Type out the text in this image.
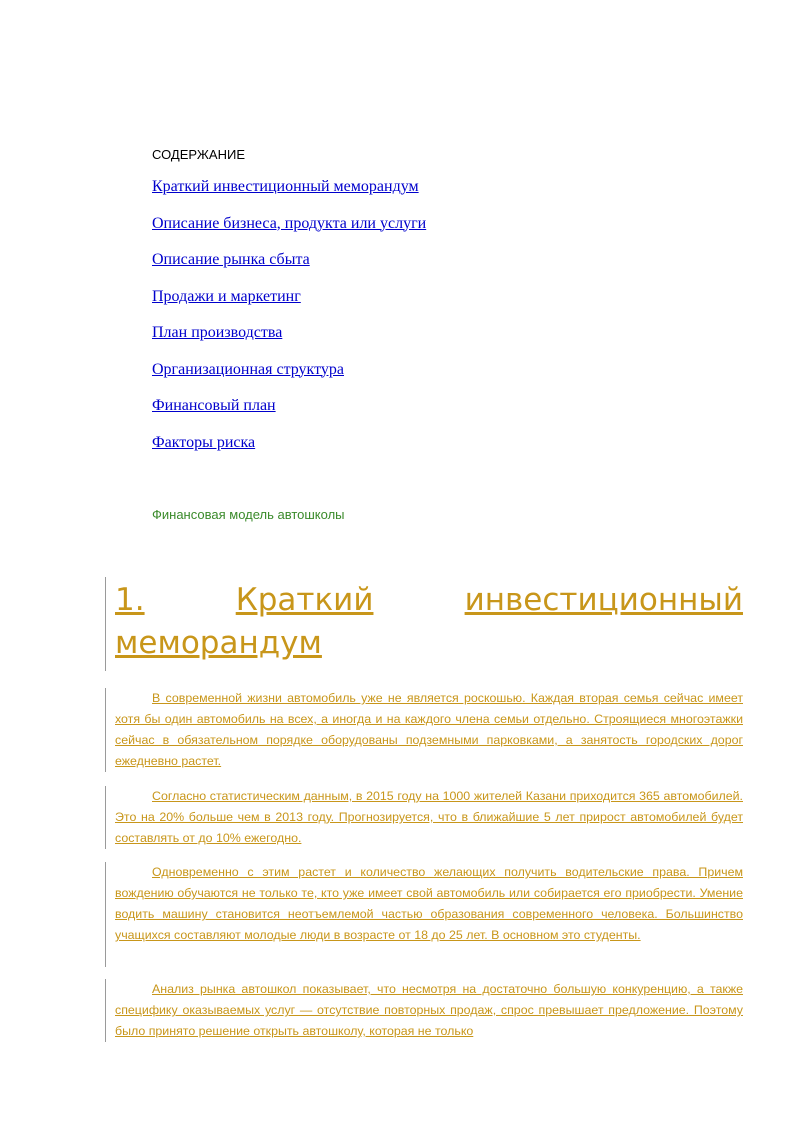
СОДЕРЖАНИЕ
Краткий инвестиционный меморандум
Описание бизнеса, продукта или услуги
Описание рынка сбыта
Продажи и маркетинг
План производства
Организационная структура
Финансовый план
Факторы риска
Финансовая модель автошколы
1.	Краткий	инвестиционный
меморандум
В современной жизни автомобиль уже не является роскошью. Каждая вторая семья сейчас имеет хотя бы один автомобиль на всех, а иногда и на каждого члена семьи отдельно. Строящиеся многоэтажки сейчас в обязательном порядке оборудованы подземными парковками, а занятость городских дорог ежедневно растет.
Согласно статистическим данным, в 2015 году на 1000 жителей Казани приходится 365 автомобилей. Это на 20% больше чем в 2013 году. Прогнозируется, что в ближайшие 5 лет прирост автомобилей будет составлять от до 10% ежегодно.
Одновременно с этим растет и количество желающих получить водительские права. Причем вождению обучаются не только те, кто уже имеет свой автомобиль или собирается его приобрести. Умение водить машину становится неотъемлемой частью образования современного человека. Большинство учащихся составляют молодые люди в возрасте от 18 до 25 лет. В основном это студенты.
Анализ рынка автошкол показывает, что несмотря на достаточно большую конкуренцию, а также специфику оказываемых услуг — отсутствие повторных продаж, спрос превышает предложение. Поэтому было принято решение открыть автошколу, которая не только
